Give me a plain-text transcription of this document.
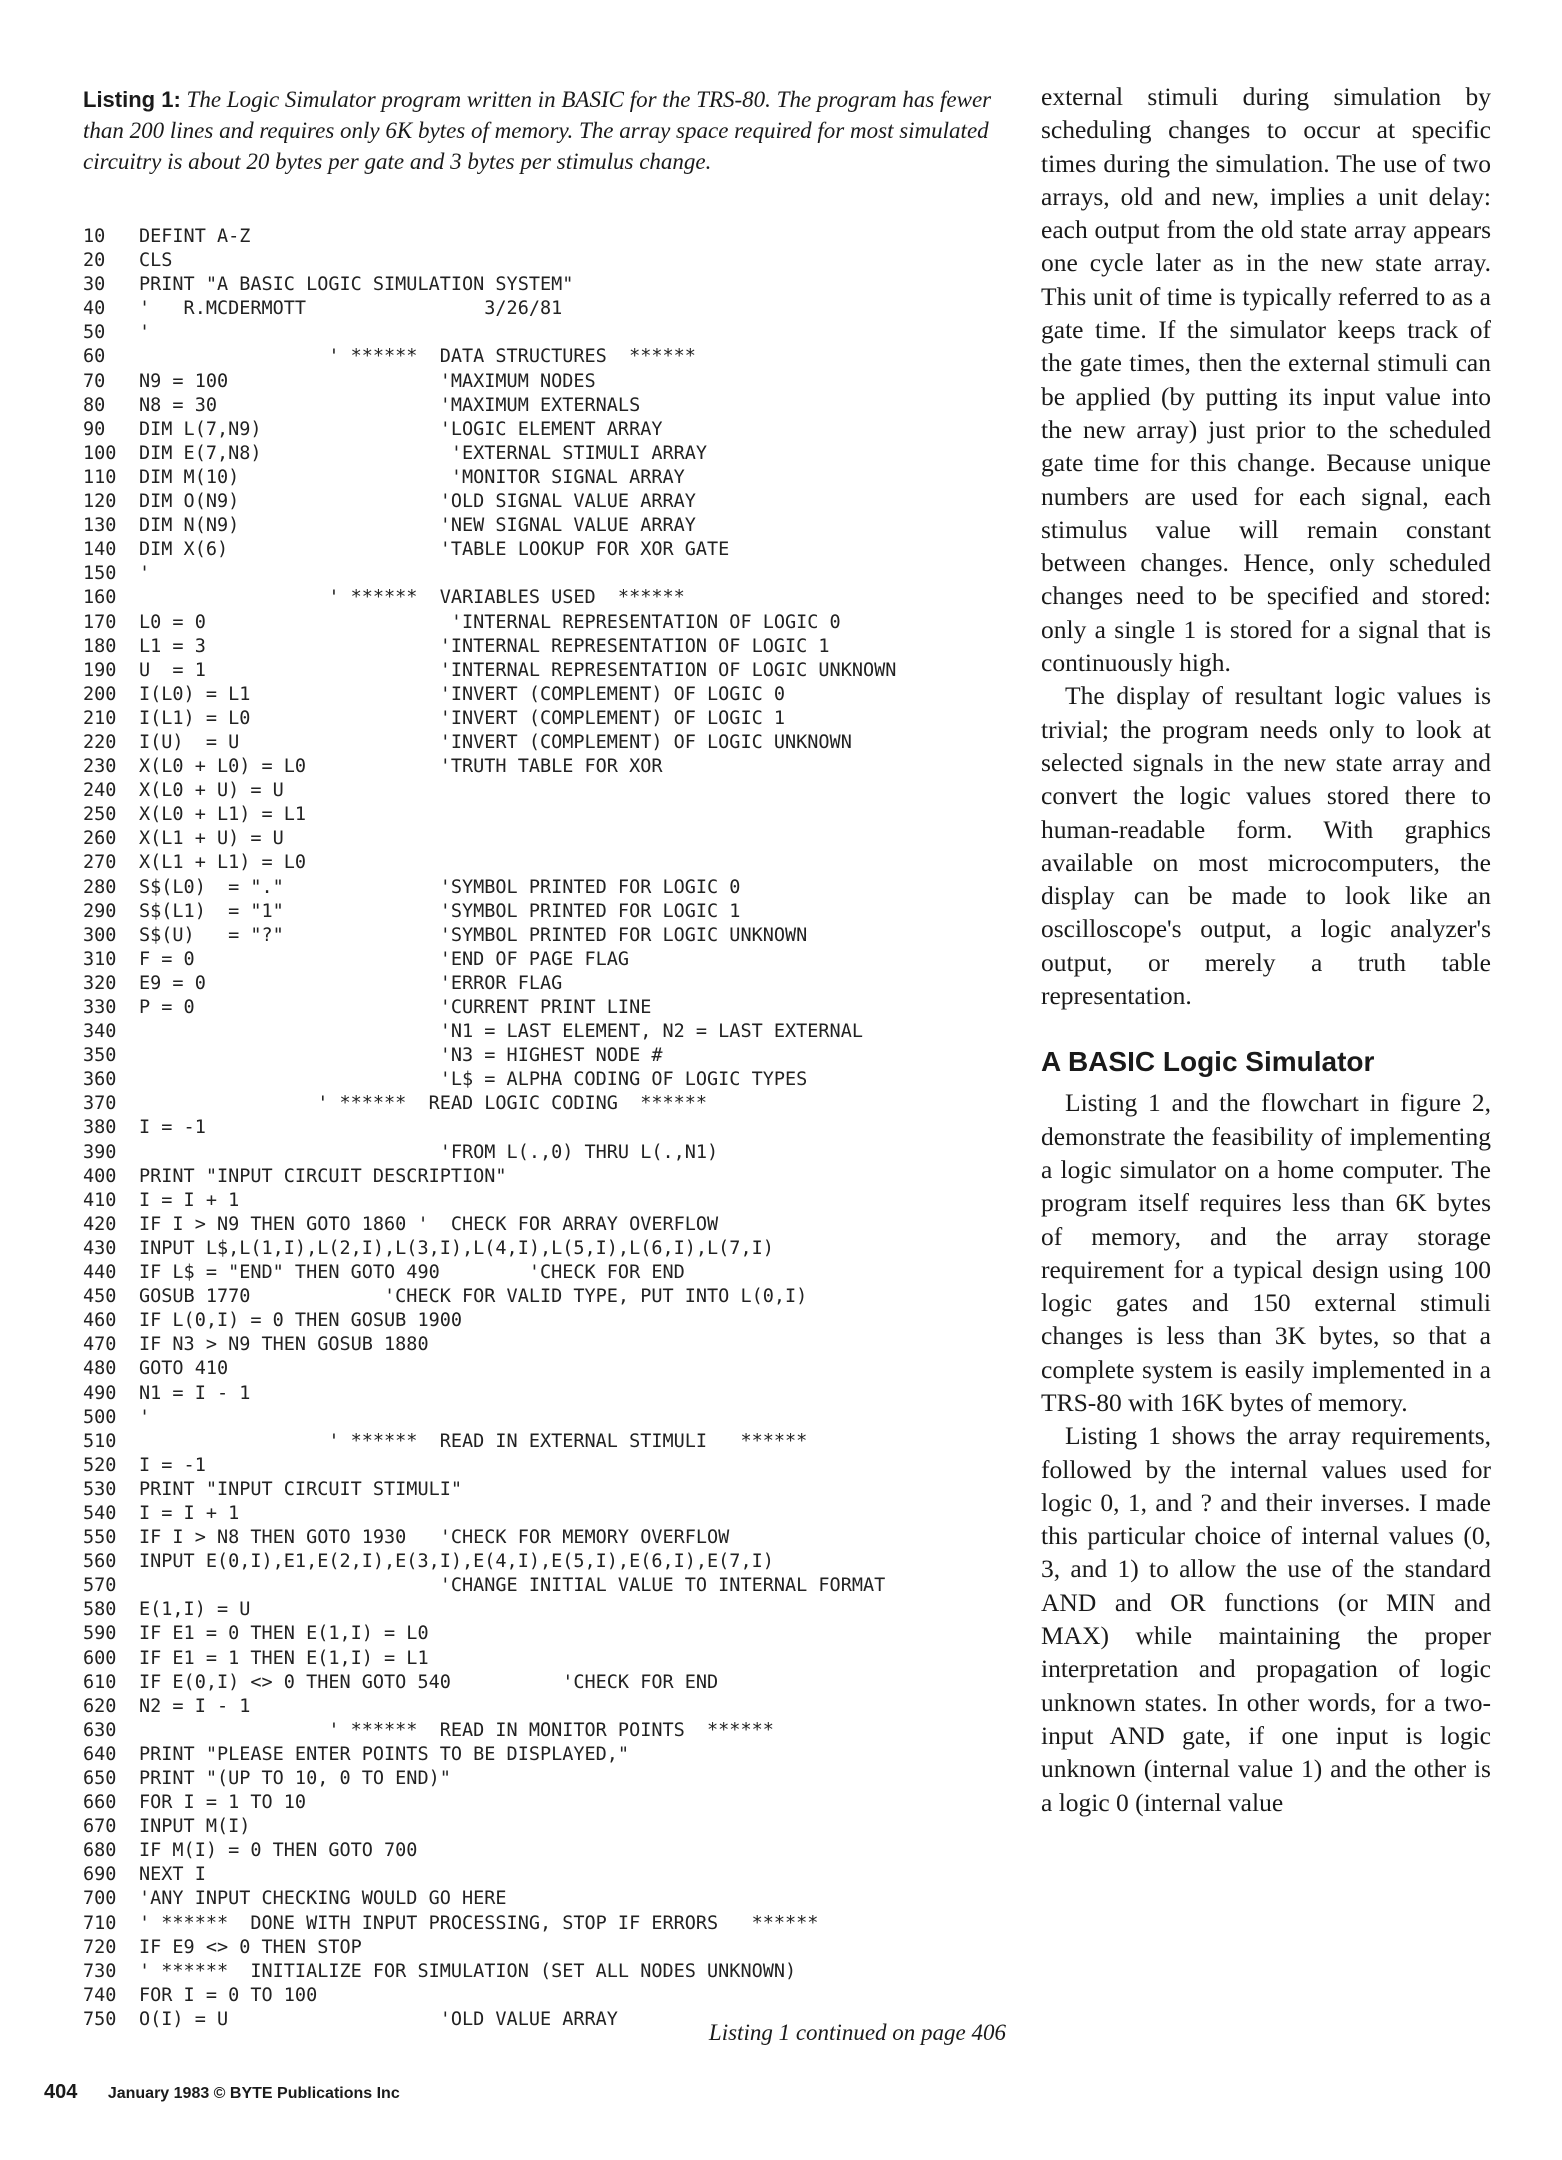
Listing 1: The Logic Simulator program written in BASIC for the TRS-80. The program has fewer than 200 lines and requires only 6K bytes of memory. The array space required for most simulated circuitry is about 20 bytes per gate and 3 bytes per stimulus change.

10	DEFINT A-Z
20	CLS
30	PRINT "A BASIC LOGIC SIMULATION SYSTEM"
40	'   R.MCDERMOTT                3/26/81
50	'
60	' ******  DATA STRUCTURES  ******
70	N9 = 100                   'MAXIMUM NODES
80	N8 = 30                    'MAXIMUM EXTERNALS
90	DIM L(7,N9)                'LOGIC ELEMENT ARRAY
100	DIM E(7,N8)                 'EXTERNAL STIMULI ARRAY
110	DIM M(10)                   'MONITOR SIGNAL ARRAY
120	DIM O(N9)                  'OLD SIGNAL VALUE ARRAY
130	DIM N(N9)                  'NEW SIGNAL VALUE ARRAY
140	DIM X(6)                   'TABLE LOOKUP FOR XOR GATE
150	'
160	' ******  VARIABLES USED  ******
170	L0 = 0                      'INTERNAL REPRESENTATION OF LOGIC 0
180	L1 = 3                     'INTERNAL REPRESENTATION OF LOGIC 1
190	U  = 1                     'INTERNAL REPRESENTATION OF LOGIC UNKNOWN
200	I(L0) = L1                 'INVERT (COMPLEMENT) OF LOGIC 0
210	I(L1) = L0                 'INVERT (COMPLEMENT) OF LOGIC 1
220	I(U)  = U                  'INVERT (COMPLEMENT) OF LOGIC UNKNOWN
230	X(L0 + L0) = L0            'TRUTH TABLE FOR XOR
240	X(L0 + U) = U
250	X(L0 + L1) = L1
260	X(L1 + U) = U
270	X(L1 + L1) = L0
280	S$(L0)  = "."              'SYMBOL PRINTED FOR LOGIC 0
290	S$(L1)  = "1"              'SYMBOL PRINTED FOR LOGIC 1
300	S$(U)   = "?"              'SYMBOL PRINTED FOR LOGIC UNKNOWN
310	F = 0                      'END OF PAGE FLAG
320	E9 = 0                     'ERROR FLAG
330	P = 0                      'CURRENT PRINT LINE
340	'N1 = LAST ELEMENT, N2 = LAST EXTERNAL
350	'N3 = HIGHEST NODE #
360	'L$ = ALPHA CODING OF LOGIC TYPES
370	' ******  READ LOGIC CODING  ******
380	I = -1
390	'FROM L(.,0) THRU L(.,N1)
400	PRINT "INPUT CIRCUIT DESCRIPTION"
410	I = I + 1
420	IF I > N9 THEN GOTO 1860 '  CHECK FOR ARRAY OVERFLOW
430	INPUT L$,L(1,I),L(2,I),L(3,I),L(4,I),L(5,I),L(6,I),L(7,I)
440	IF L$ = "END" THEN GOTO 490        'CHECK FOR END
450	GOSUB 1770            'CHECK FOR VALID TYPE, PUT INTO L(0,I)
460	IF L(0,I) = 0 THEN GOSUB 1900
470	IF N3 > N9 THEN GOSUB 1880
480	GOTO 410
490	N1 = I - 1
500	'
510	' ******  READ IN EXTERNAL STIMULI   ******
520	I = -1
530	PRINT "INPUT CIRCUIT STIMULI"
540	I = I + 1
550	IF I > N8 THEN GOTO 1930   'CHECK FOR MEMORY OVERFLOW
560	INPUT E(0,I),E1,E(2,I),E(3,I),E(4,I),E(5,I),E(6,I),E(7,I)
570	'CHANGE INITIAL VALUE TO INTERNAL FORMAT
580	E(1,I) = U
590	IF E1 = 0 THEN E(1,I) = L0
600	IF E1 = 1 THEN E(1,I) = L1
610	IF E(0,I) <> 0 THEN GOTO 540          'CHECK FOR END
620	N2 = I - 1
630	' ******  READ IN MONITOR POINTS  ******
640	PRINT "PLEASE ENTER POINTS TO BE DISPLAYED,"
650	PRINT "(UP TO 10, 0 TO END)"
660	FOR I = 1 TO 10
670	INPUT M(I)
680	IF M(I) = 0 THEN GOTO 700
690	NEXT I
700	'ANY INPUT CHECKING WOULD GO HERE
710	' ******  DONE WITH INPUT PROCESSING, STOP IF ERRORS   ******
720	IF E9 <> 0 THEN STOP
730	' ******  INITIALIZE FOR SIMULATION (SET ALL NODES UNKNOWN)
740	FOR I = 0 TO 100
750	O(I) = U                   'OLD VALUE ARRAY

Listing 1 continued on page 406

external stimuli during simulation by scheduling changes to occur at specific times during the simulation. The use of two arrays, old and new, implies a unit delay: each output from the old state array appears one cycle later as in the new state array. This unit of time is typically referred to as a gate time. If the simulator keeps track of the gate times, then the external stimuli can be applied (by putting its input value into the new array) just prior to the scheduled gate time for this change. Because unique numbers are used for each signal, each stimulus value will remain constant between changes. Hence, only scheduled changes need to be specified and stored: only a single 1 is stored for a signal that is continuously high.

The display of resultant logic values is trivial; the program needs only to look at selected signals in the new state array and convert the logic values stored there to human-readable form. With graphics available on most microcomputers, the display can be made to look like an oscilloscope's output, a logic analyzer's output, or merely a truth table representation.

A BASIC Logic Simulator

Listing 1 and the flowchart in figure 2, demonstrate the feasibility of implementing a logic simulator on a home computer. The program itself requires less than 6K bytes of memory, and the array storage requirement for a typical design using 100 logic gates and 150 external stimuli changes is less than 3K bytes, so that a complete system is easily implemented in a TRS-80 with 16K bytes of memory.

Listing 1 shows the array requirements, followed by the internal values used for logic 0, 1, and ? and their inverses. I made this particular choice of internal values (0, 3, and 1) to allow the use of the standard AND and OR functions (or MIN and MAX) while maintaining the proper interpretation and propagation of logic unknown states. In other words, for a two-input AND gate, if one input is logic unknown (internal value 1) and the other is a logic 0 (internal value

404 January 1983 © BYTE Publications Inc
